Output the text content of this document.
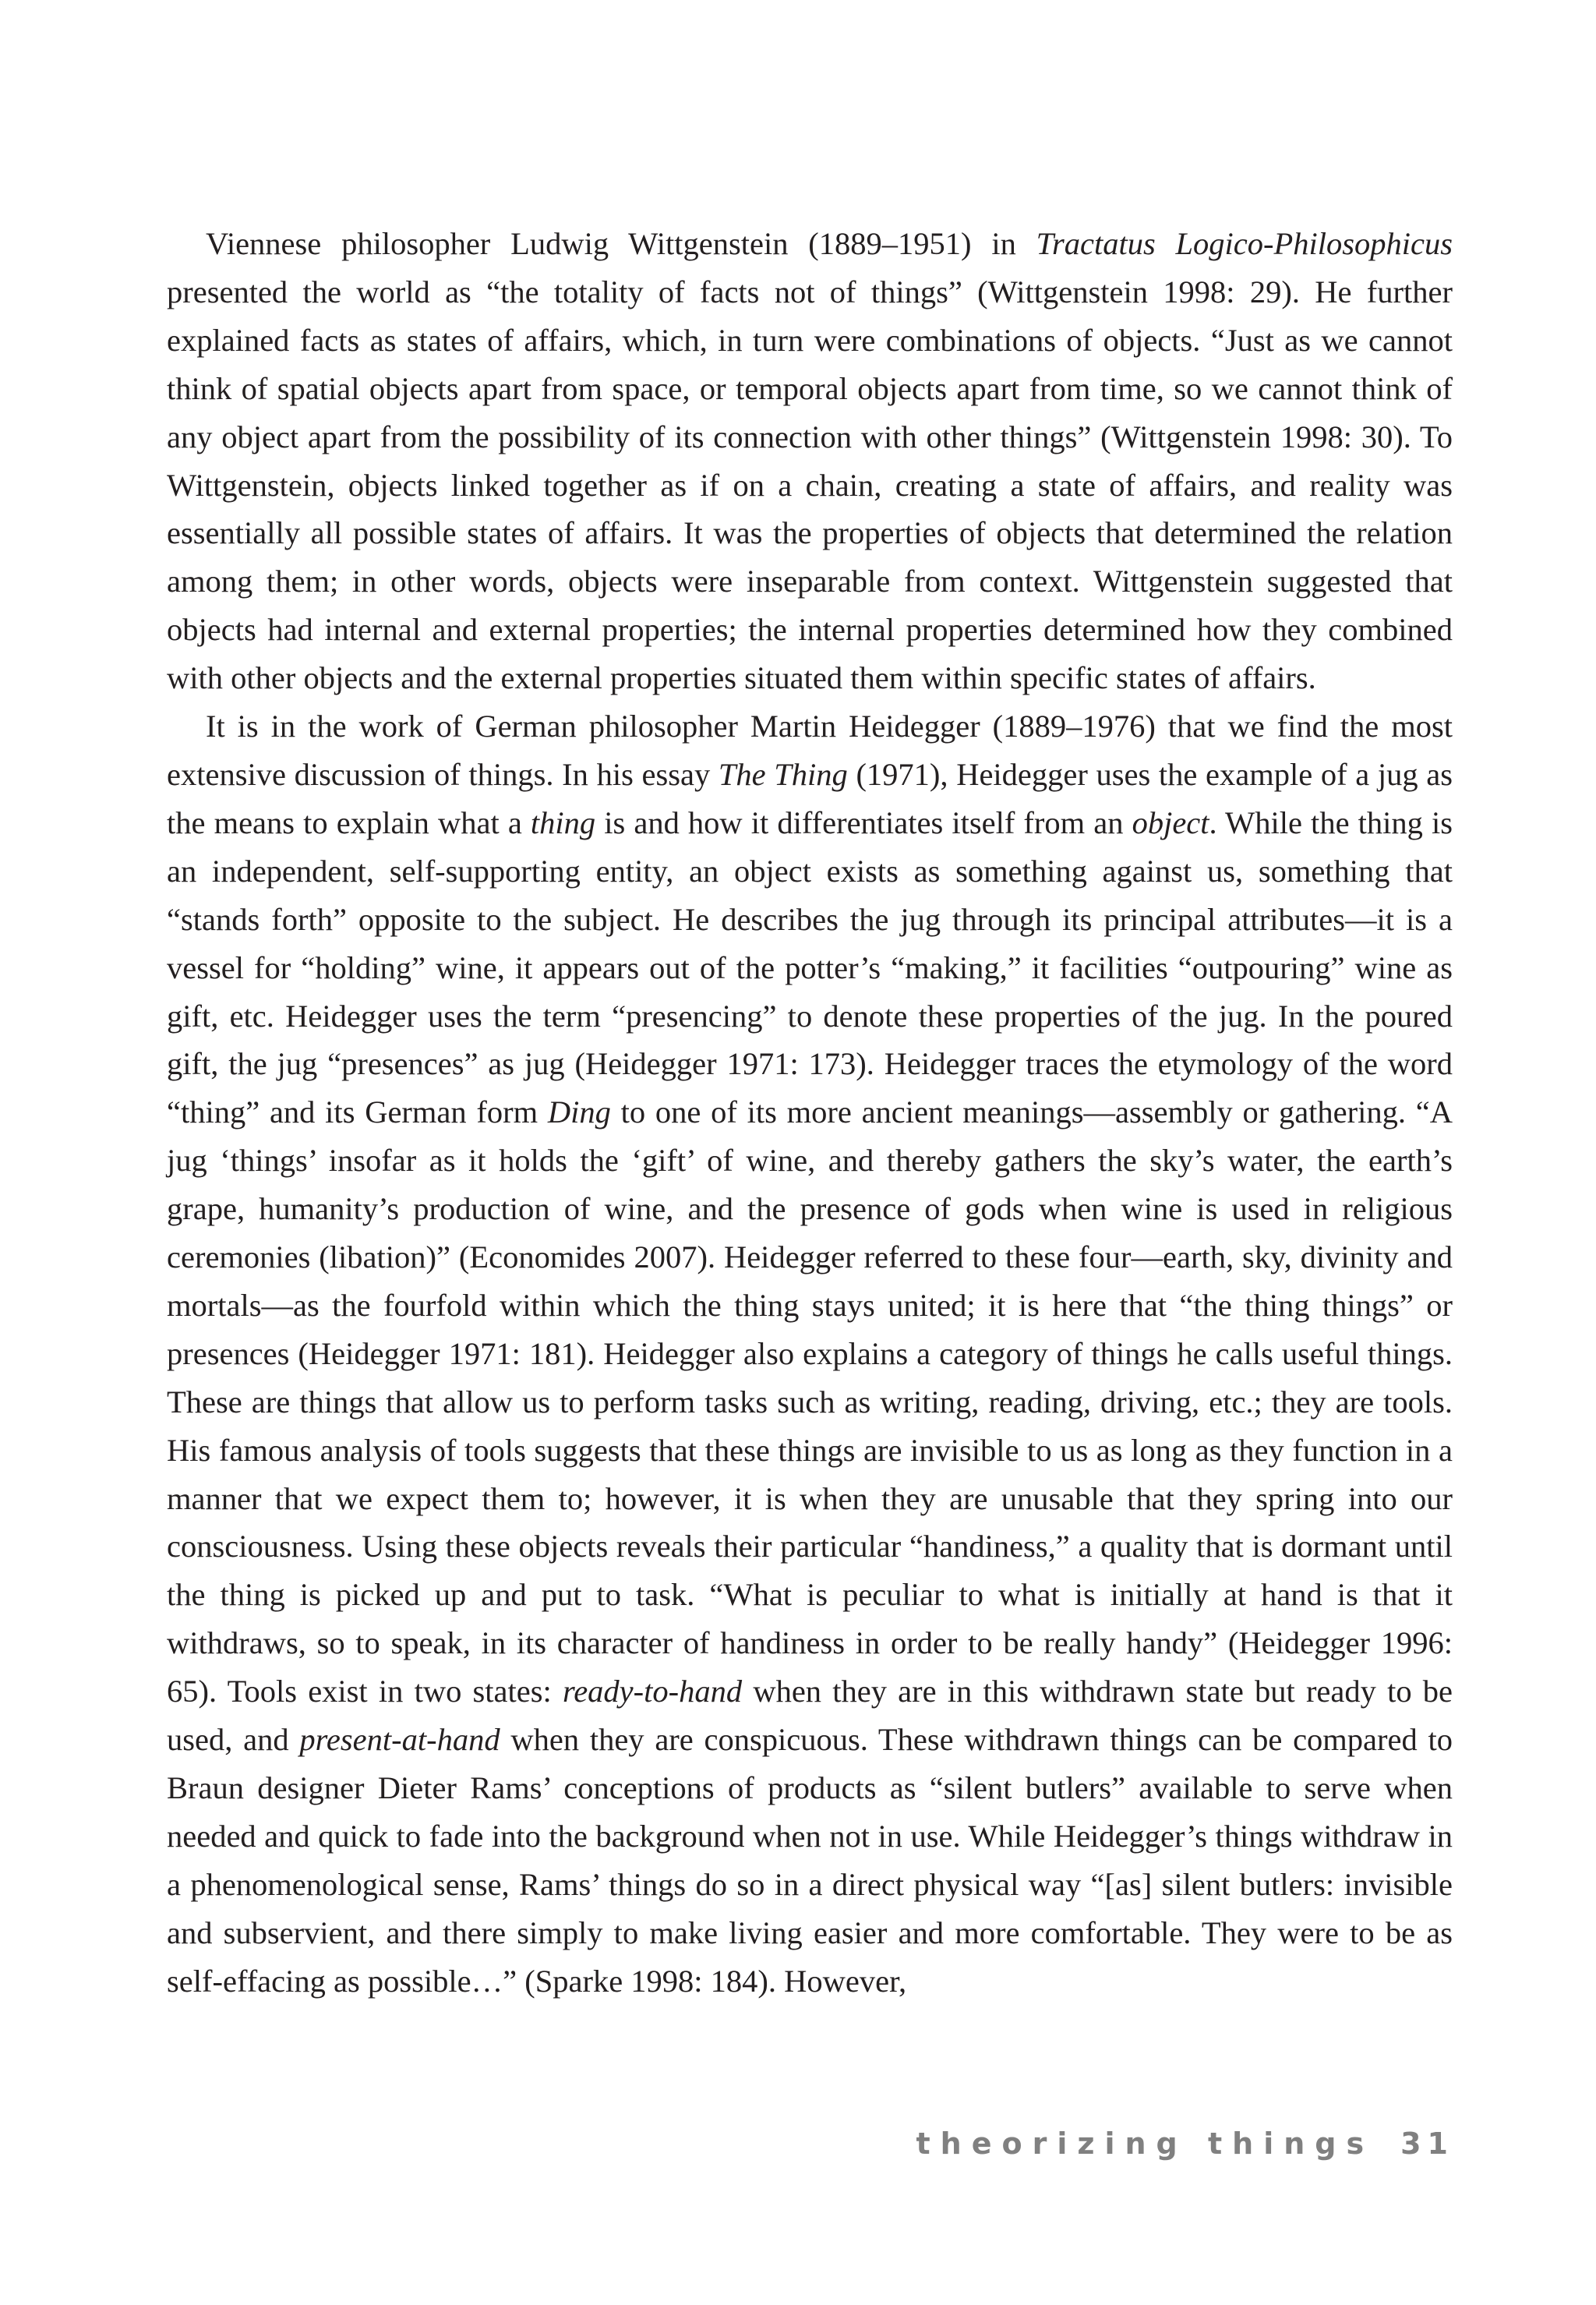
Viennese philosopher Ludwig Wittgenstein (1889–1951) in Tractatus Logico-Philosophicus presented the world as “the totality of facts not of things” (Wittgenstein 1998: 29). He further explained facts as states of affairs, which, in turn were combinations of objects. “Just as we cannot think of spatial objects apart from space, or temporal objects apart from time, so we cannot think of any object apart from the possibility of its connection with other things” (Wittgenstein 1998: 30). To Wittgenstein, objects linked together as if on a chain, creating a state of affairs, and reality was essentially all possible states of affairs. It was the properties of objects that determined the relation among them; in other words, objects were inseparable from context. Wittgenstein suggested that objects had internal and external properties; the internal properties determined how they combined with other objects and the external properties situated them within specific states of affairs.

It is in the work of German philosopher Martin Heidegger (1889–1976) that we find the most extensive discussion of things. In his essay The Thing (1971), Heidegger uses the example of a jug as the means to explain what a thing is and how it differentiates itself from an object. While the thing is an independent, self-supporting entity, an object exists as something against us, something that “stands forth” opposite to the subject. He describes the jug through its principal attributes—it is a vessel for “holding” wine, it appears out of the potter’s “making,” it facilities “outpouring” wine as gift, etc. Heidegger uses the term “presencing” to denote these properties of the jug. In the poured gift, the jug “presences” as jug (Heidegger 1971: 173). Heidegger traces the etymology of the word “thing” and its German form Ding to one of its more ancient meanings—assembly or gathering. “A jug ‘things’ insofar as it holds the ‘gift’ of wine, and thereby gathers the sky’s water, the earth’s grape, humanity’s production of wine, and the presence of gods when wine is used in religious ceremonies (libation)” (Economides 2007). Heidegger referred to these four—earth, sky, divinity and mortals—as the fourfold within which the thing stays united; it is here that “the thing things” or presences (Heidegger 1971: 181). Heidegger also explains a category of things he calls useful things. These are things that allow us to perform tasks such as writing, reading, driving, etc.; they are tools. His famous analysis of tools suggests that these things are invisible to us as long as they function in a manner that we expect them to; however, it is when they are unusable that they spring into our consciousness. Using these objects reveals their particular “handiness,” a quality that is dormant until the thing is picked up and put to task. “What is peculiar to what is initially at hand is that it withdraws, so to speak, in its character of handiness in order to be really handy” (Heidegger 1996: 65). Tools exist in two states: ready-to-hand when they are in this withdrawn state but ready to be used, and present-at-hand when they are conspicuous. These withdrawn things can be compared to Braun designer Dieter Rams’ conceptions of products as “silent butlers” available to serve when needed and quick to fade into the background when not in use. While Heidegger’s things withdraw in a phenomenological sense, Rams’ things do so in a direct physical way “[as] silent butlers: invisible and subservient, and there simply to make living easier and more comfortable. They were to be as self-effacing as possible…” (Sparke 1998: 184). However,

theorizing things 31
